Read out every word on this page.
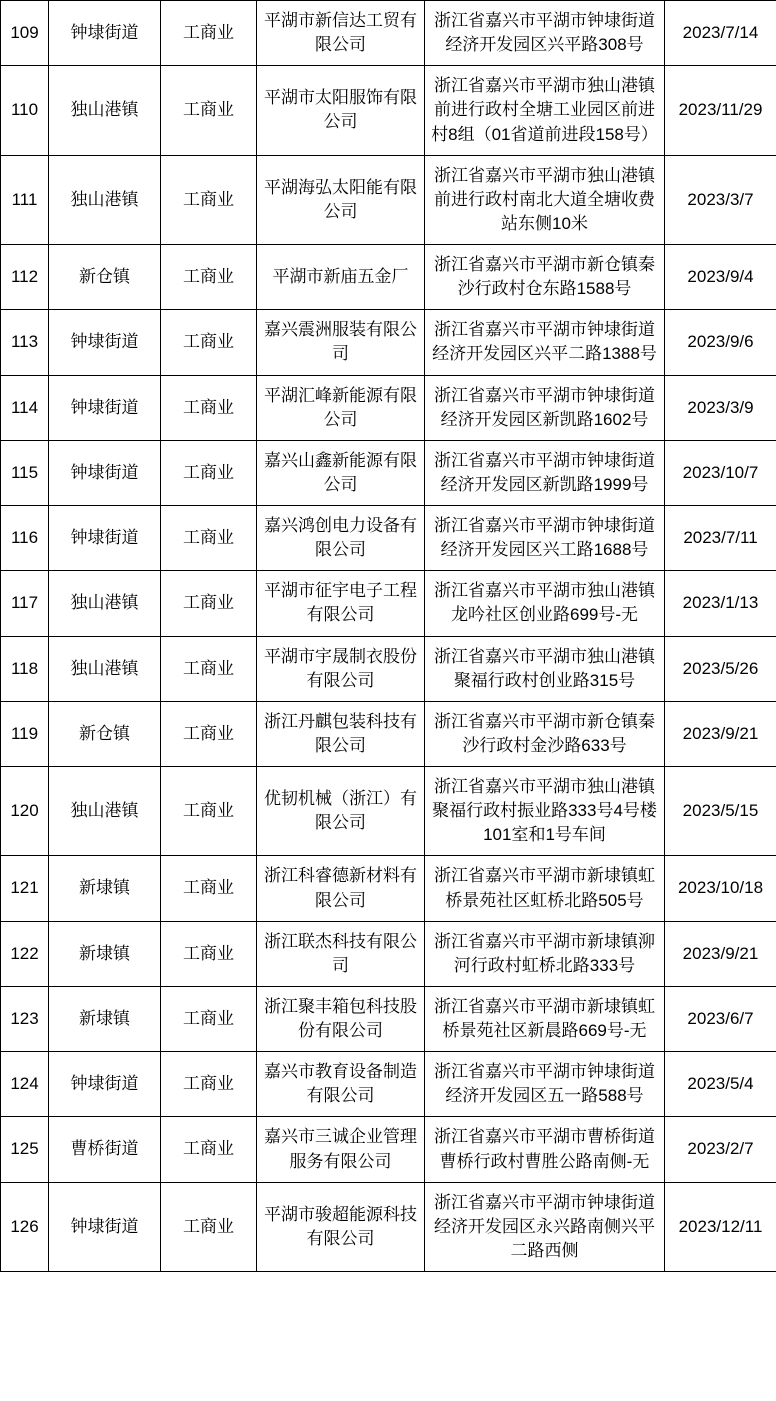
109	钟埭街道	工商业	平湖市新信达工贸有限公司	浙江省嘉兴市平湖市钟埭街道经济开发园区兴平路308号	2023/7/14
110	独山港镇	工商业	平湖市太阳服饰有限公司	浙江省嘉兴市平湖市独山港镇前进行政村全塘工业园区前进村8组（01省道前进段158号）	2023/11/29
111	独山港镇	工商业	平湖海弘太阳能有限公司	浙江省嘉兴市平湖市独山港镇前进行政村南北大道全塘收费站东侧10米	2023/3/7
112	新仓镇	工商业	平湖市新庙五金厂	浙江省嘉兴市平湖市新仓镇秦沙行政村仓东路1588号	2023/9/4
113	钟埭街道	工商业	嘉兴震洲服装有限公司	浙江省嘉兴市平湖市钟埭街道经济开发园区兴平二路1388号	2023/9/6
114	钟埭街道	工商业	平湖汇峰新能源有限公司	浙江省嘉兴市平湖市钟埭街道经济开发园区新凯路1602号	2023/3/9
115	钟埭街道	工商业	嘉兴山鑫新能源有限公司	浙江省嘉兴市平湖市钟埭街道经济开发园区新凯路1999号	2023/10/7
116	钟埭街道	工商业	嘉兴鸿创电力设备有限公司	浙江省嘉兴市平湖市钟埭街道经济开发园区兴工路1688号	2023/7/11
117	独山港镇	工商业	平湖市征宇电子工程有限公司	浙江省嘉兴市平湖市独山港镇龙吟社区创业路699号-无	2023/1/13
118	独山港镇	工商业	平湖市宇晟制衣股份有限公司	浙江省嘉兴市平湖市独山港镇聚福行政村创业路315号	2023/5/26
119	新仓镇	工商业	浙江丹麒包装科技有限公司	浙江省嘉兴市平湖市新仓镇秦沙行政村金沙路633号	2023/9/21
120	独山港镇	工商业	优韧机械（浙江）有限公司	浙江省嘉兴市平湖市独山港镇聚福行政村振业路333号4号楼101室和1号车间	2023/5/15
121	新埭镇	工商业	浙江科睿德新材料有限公司	浙江省嘉兴市平湖市新埭镇虹桥景苑社区虹桥北路505号	2023/10/18
122	新埭镇	工商业	浙江联杰科技有限公司	浙江省嘉兴市平湖市新埭镇泖河行政村虹桥北路333号	2023/9/21
123	新埭镇	工商业	浙江聚丰箱包科技股份有限公司	浙江省嘉兴市平湖市新埭镇虹桥景苑社区新晨路669号-无	2023/6/7
124	钟埭街道	工商业	嘉兴市教育设备制造有限公司	浙江省嘉兴市平湖市钟埭街道经济开发园区五一路588号	2023/5/4
125	曹桥街道	工商业	嘉兴市三诚企业管理服务有限公司	浙江省嘉兴市平湖市曹桥街道曹桥行政村曹胜公路南侧-无	2023/2/7
126	钟埭街道	工商业	平湖市骏超能源科技有限公司	浙江省嘉兴市平湖市钟埭街道经济开发园区永兴路南侧兴平二路西侧	2023/12/11
